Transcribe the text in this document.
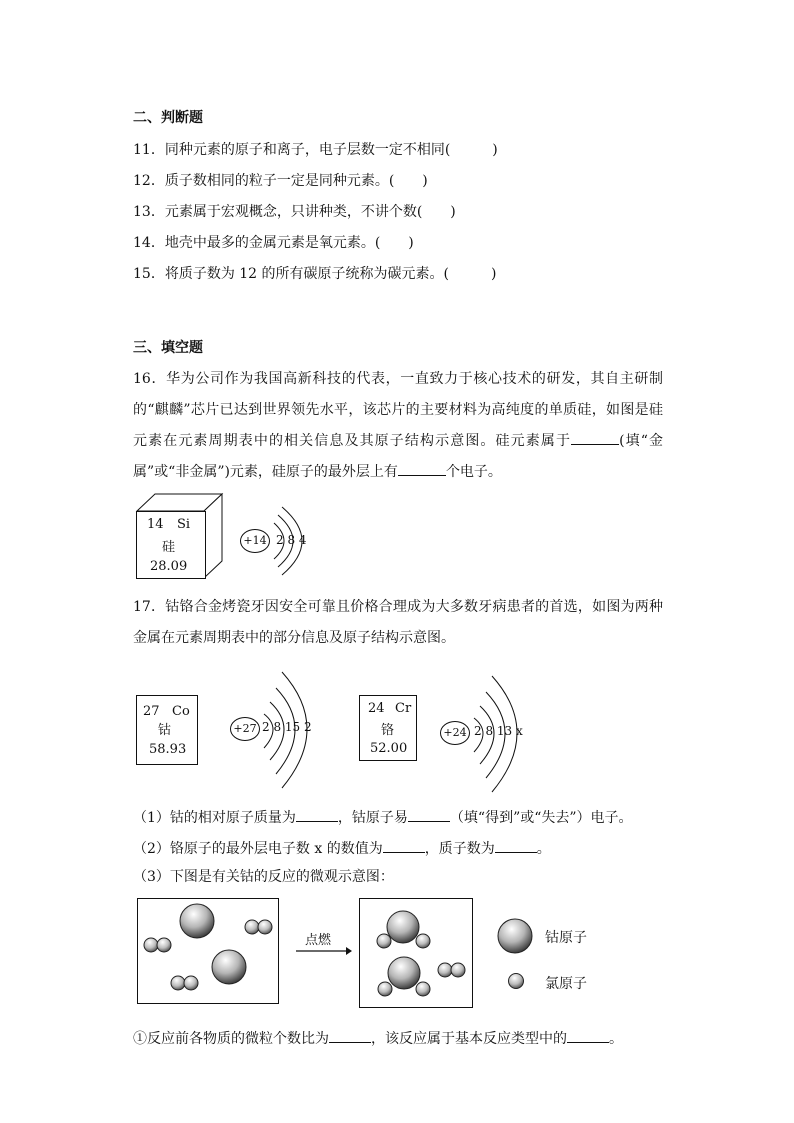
二、判断题
11．同种元素的原子和离子，电子层数一定不相同(　　　)
12．质子数相同的粒子一定是同种元素。(　　)
13．元素属于宏观概念，只讲种类，不讲个数(　　)
14．地壳中最多的金属元素是氧元素。(　　)
15．将质子数为 12 的所有碳原子统称为碳元素。(　　　)
三、填空题
16．华为公司作为我国高新科技的代表，一直致力于核心技术的研发，其自主研制的“麒麟”芯片已达到世界领先水平，该芯片的主要材料为高纯度的单质硅，如图是硅元素在元素周期表中的相关信息及其原子结构示意图。硅元素属于	(填“金属”或“非金属”)元素，硅原子的最外层上有	个电子。
14 Si
硅
28.09
+14 2 8 4
17．钴铬合金烤瓷牙因安全可靠且价格合理成为大多数牙病患者的首选，如图为两种金属在元素周期表中的部分信息及原子结构示意图。
27 Co
钴
58.93
+27 2 8 15 2
24 Cr
铬
52.00
+24 2 8 13 x
（1）钴的相对原子质量为	，钴原子易	（填“得到”或“失去”）电子。
（2）铬原子的最外层电子数 x 的数值为	，质子数为	。
（3）下图是有关钴的反应的微观示意图：
点燃	钴原子
氯原子
①反应前各物质的微粒个数比为	，该反应属于基本反应类型中的	。
